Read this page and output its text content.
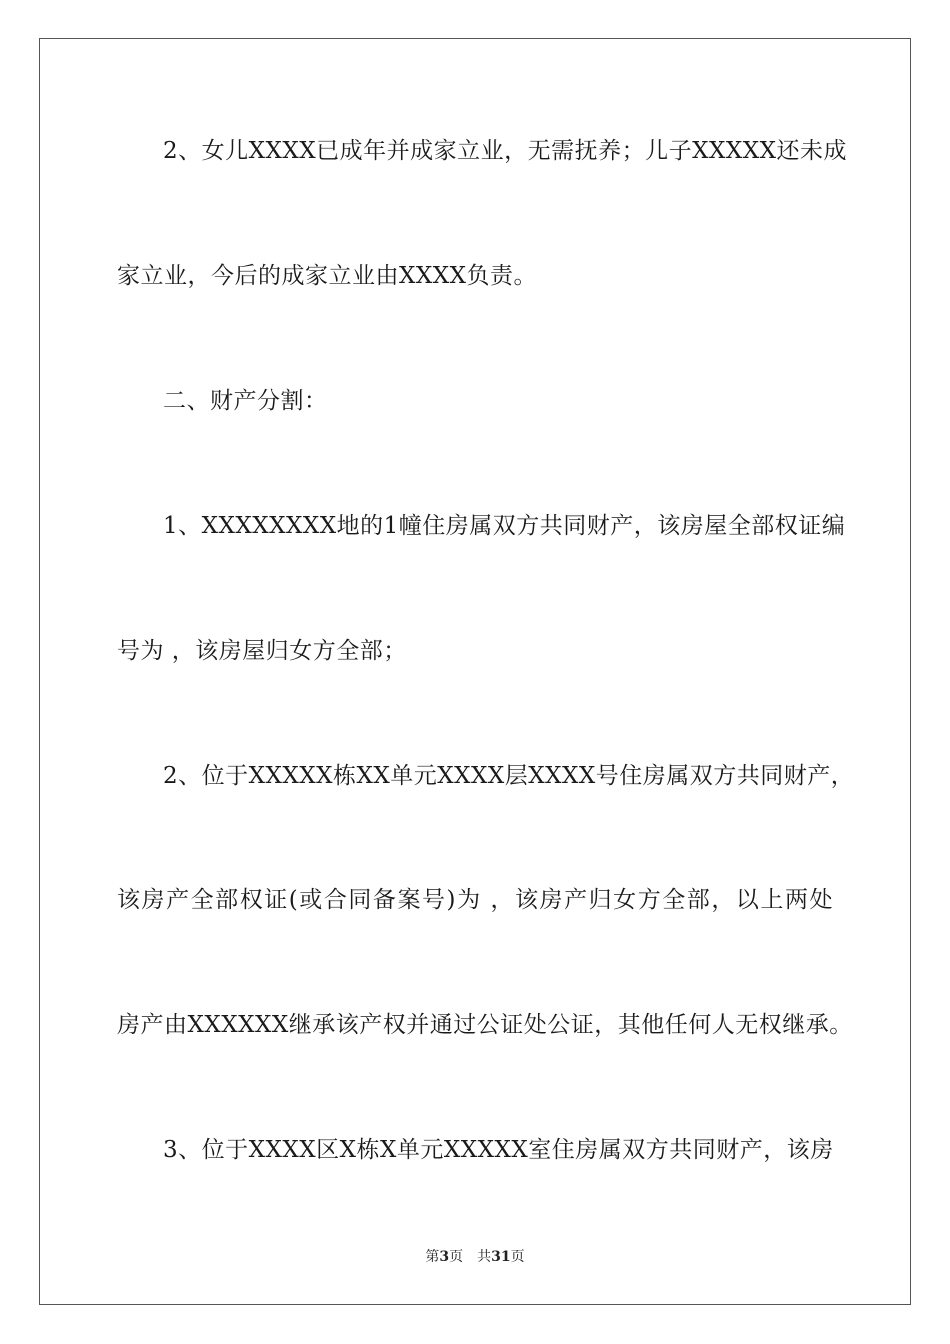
2、女儿XXXX已成年并成家立业，无需抚养；儿子XXXXX还未成

家立业，今后的成家立业由XXXX负责。

二、财产分割：

1、XXXXXXXX地的1幢住房属双方共同财产，该房屋全部权证编

号为 ，该房屋归女方全部；

2、位于XXXXX栋XX单元XXXX层XXXX号住房属双方共同财产，

该房产全部权证(或合同备案号)为 ，该房产归女方全部，以上两处

房产由XXXXXX继承该产权并通过公证处公证，其他任何人无权继承。

3、位于XXXX区X栋X单元XXXXX室住房属双方共同财产，该房

第3页 共31页
